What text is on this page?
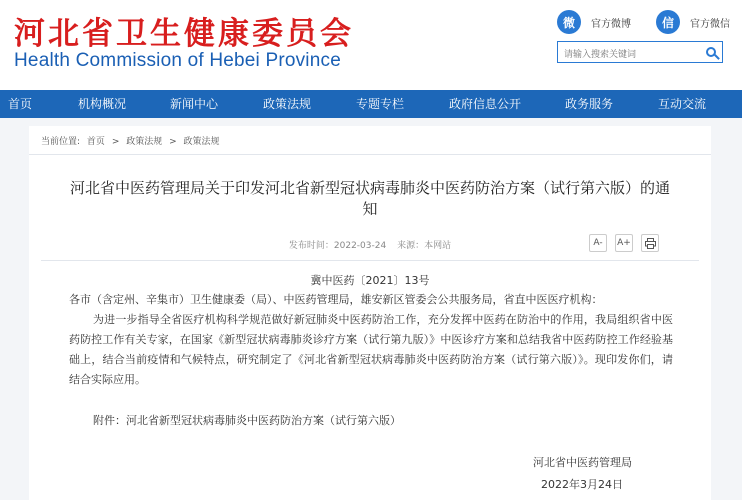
河北省卫生健康委员会
Health Commission of Hebei Province
微	官方微博	信	官方微信
请输入搜索关键词
首页	机构概况	新闻中心	政策法规	专题专栏	政府信息公开	政务服务	互动交流
当前位置: 首页 > 政策法规 > 政策法规
河北省中医药管理局关于印发河北省新型冠状病毒肺炎中医药防治方案（试行第六版）的通知
发布时间：2022-03-24 来源：本网站	A-	A+
冀中医药〔2021〕13号
各市（含定州、辛集市）卫生健康委（局）、中医药管理局，雄安新区管委会公共服务局，省直中医医疗机构：

为进一步指导全省医疗机构科学规范做好新冠肺炎中医药防治工作，充分发挥中医药在防治中的作用，我局组织省中医药防控工作有关专家，在国家《新型冠状病毒肺炎诊疗方案（试行第九版）》中医诊疗方案和总结我省中医药防控工作经验基础上，结合当前疫情和气候特点，研究制定了《河北省新型冠状病毒肺炎中医药防治方案（试行第六版）》。现印发你们，请结合实际应用。

附件：河北省新型冠状病毒肺炎中医药防治方案（试行第六版）
河北省中医药管理局
2022年3月24日
